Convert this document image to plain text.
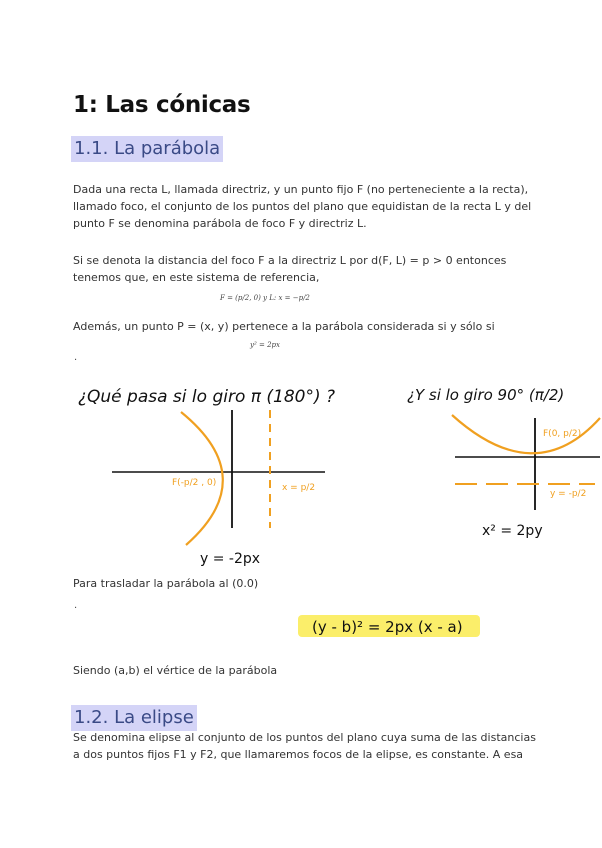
1: Las cónicas
1.1. La parábola
Dada una recta L, llamada directriz, y un punto fijo F (no perteneciente a la recta),
llamado foco, el conjunto de los puntos del plano que equidistan de la recta L y del
punto F se denomina parábola de foco F y directriz L.
Si se denota la distancia del foco F a la directriz L por d(F, L) = p > 0 entonces
tenemos que, en este sistema de referencia,
F = (p/2, 0) y L: x = −p/2
Además, un punto P = (x, y) pertenece a la parábola considerada si y sólo si
y² = 2px
.
¿Qué pasa si lo giro π (180°) ?	¿Y si lo giro 90° (π/2)
F(-p/2 , 0)	x = p/2
y = -2px
F(0, p/2)
y = -p/2
x² = 2py
Para trasladar la parábola al (0.0)
.
(y - b)² = 2px (x - a)
Siendo (a,b) el vértice de la parábola
1.2. La elipse
Se denomina elipse al conjunto de los puntos del plano cuya suma de las distancias
a dos puntos fijos F1 y F2, que llamaremos focos de la elipse, es constante. A esa
